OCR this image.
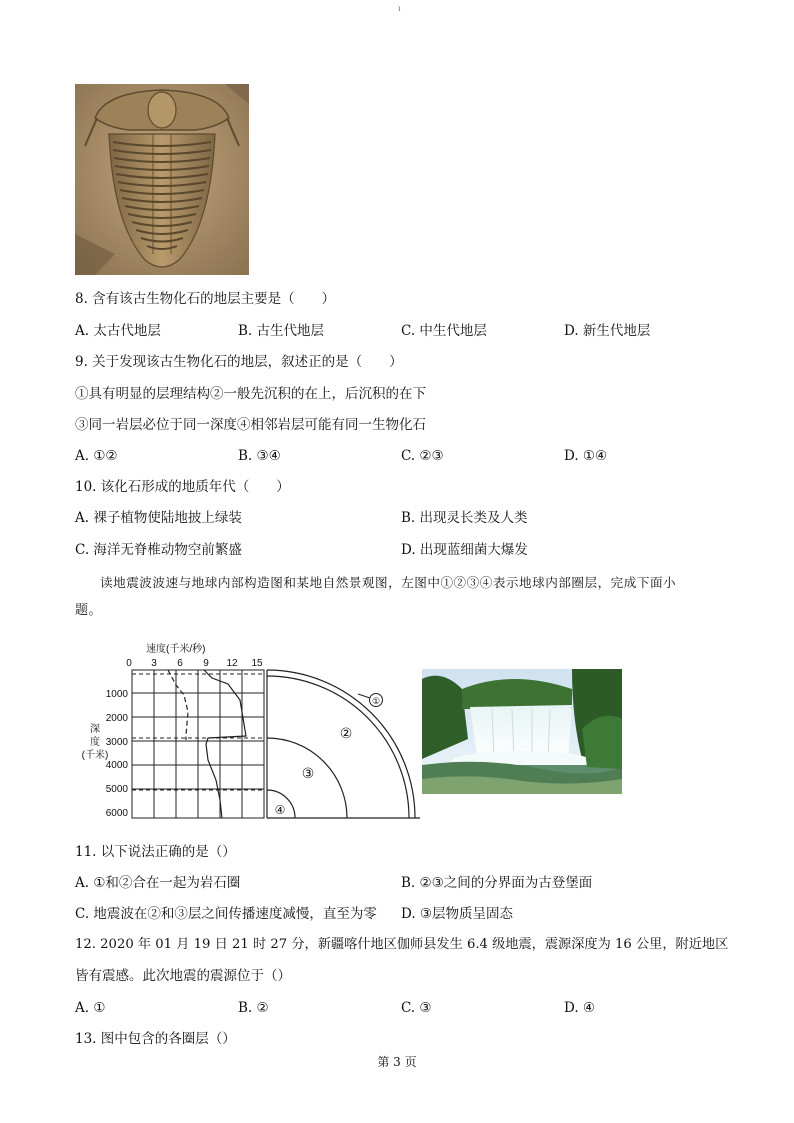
ı
8. 含有该古生物化石的地层主要是（　　）
A. 太古代地层	B. 古生代地层	C. 中生代地层	D. 新生代地层
9. 关于发现该古生物化石的地层，叙述正的是（　　）
①具有明显的层理结构②一般先沉积的在上，后沉积的在下
③同一岩层必位于同一深度④相邻岩层可能有同一生物化石
A. ①②	B. ③④	C. ②③	D. ①④
10. 该化石形成的地质年代（　　）
A. 裸子植物使陆地披上绿装	B. 出现灵长类及人类
C. 海洋无脊椎动物空前繁盛	D. 出现蓝细菌大爆发
读地震波波速与地球内部构造图和某地自然景观图，左图中①②③④表示地球内部圈层，完成下面小
题。
速度(千米/秒)
0 3 6 9 12 15
1000
2000
3000
4000
5000
6000
深
度
(千米)
①
②
③
④
11. 以下说法正确的是（）
A. ①和②合在一起为岩石圈	B. ②③之间的分界面为古登堡面
C. 地震波在②和③层之间传播速度减慢，直至为零 D. ③层物质呈固态
12. 2020 年 01 月 19 日 21 时 27 分，新疆喀什地区伽师县发生 6.4 级地震，震源深度为 16 公里，附近地区
皆有震感。此次地震的震源位于（）
A. ①	B. ②	C. ③	D. ④
13. 图中包含的各圈层（）
第 3 页
